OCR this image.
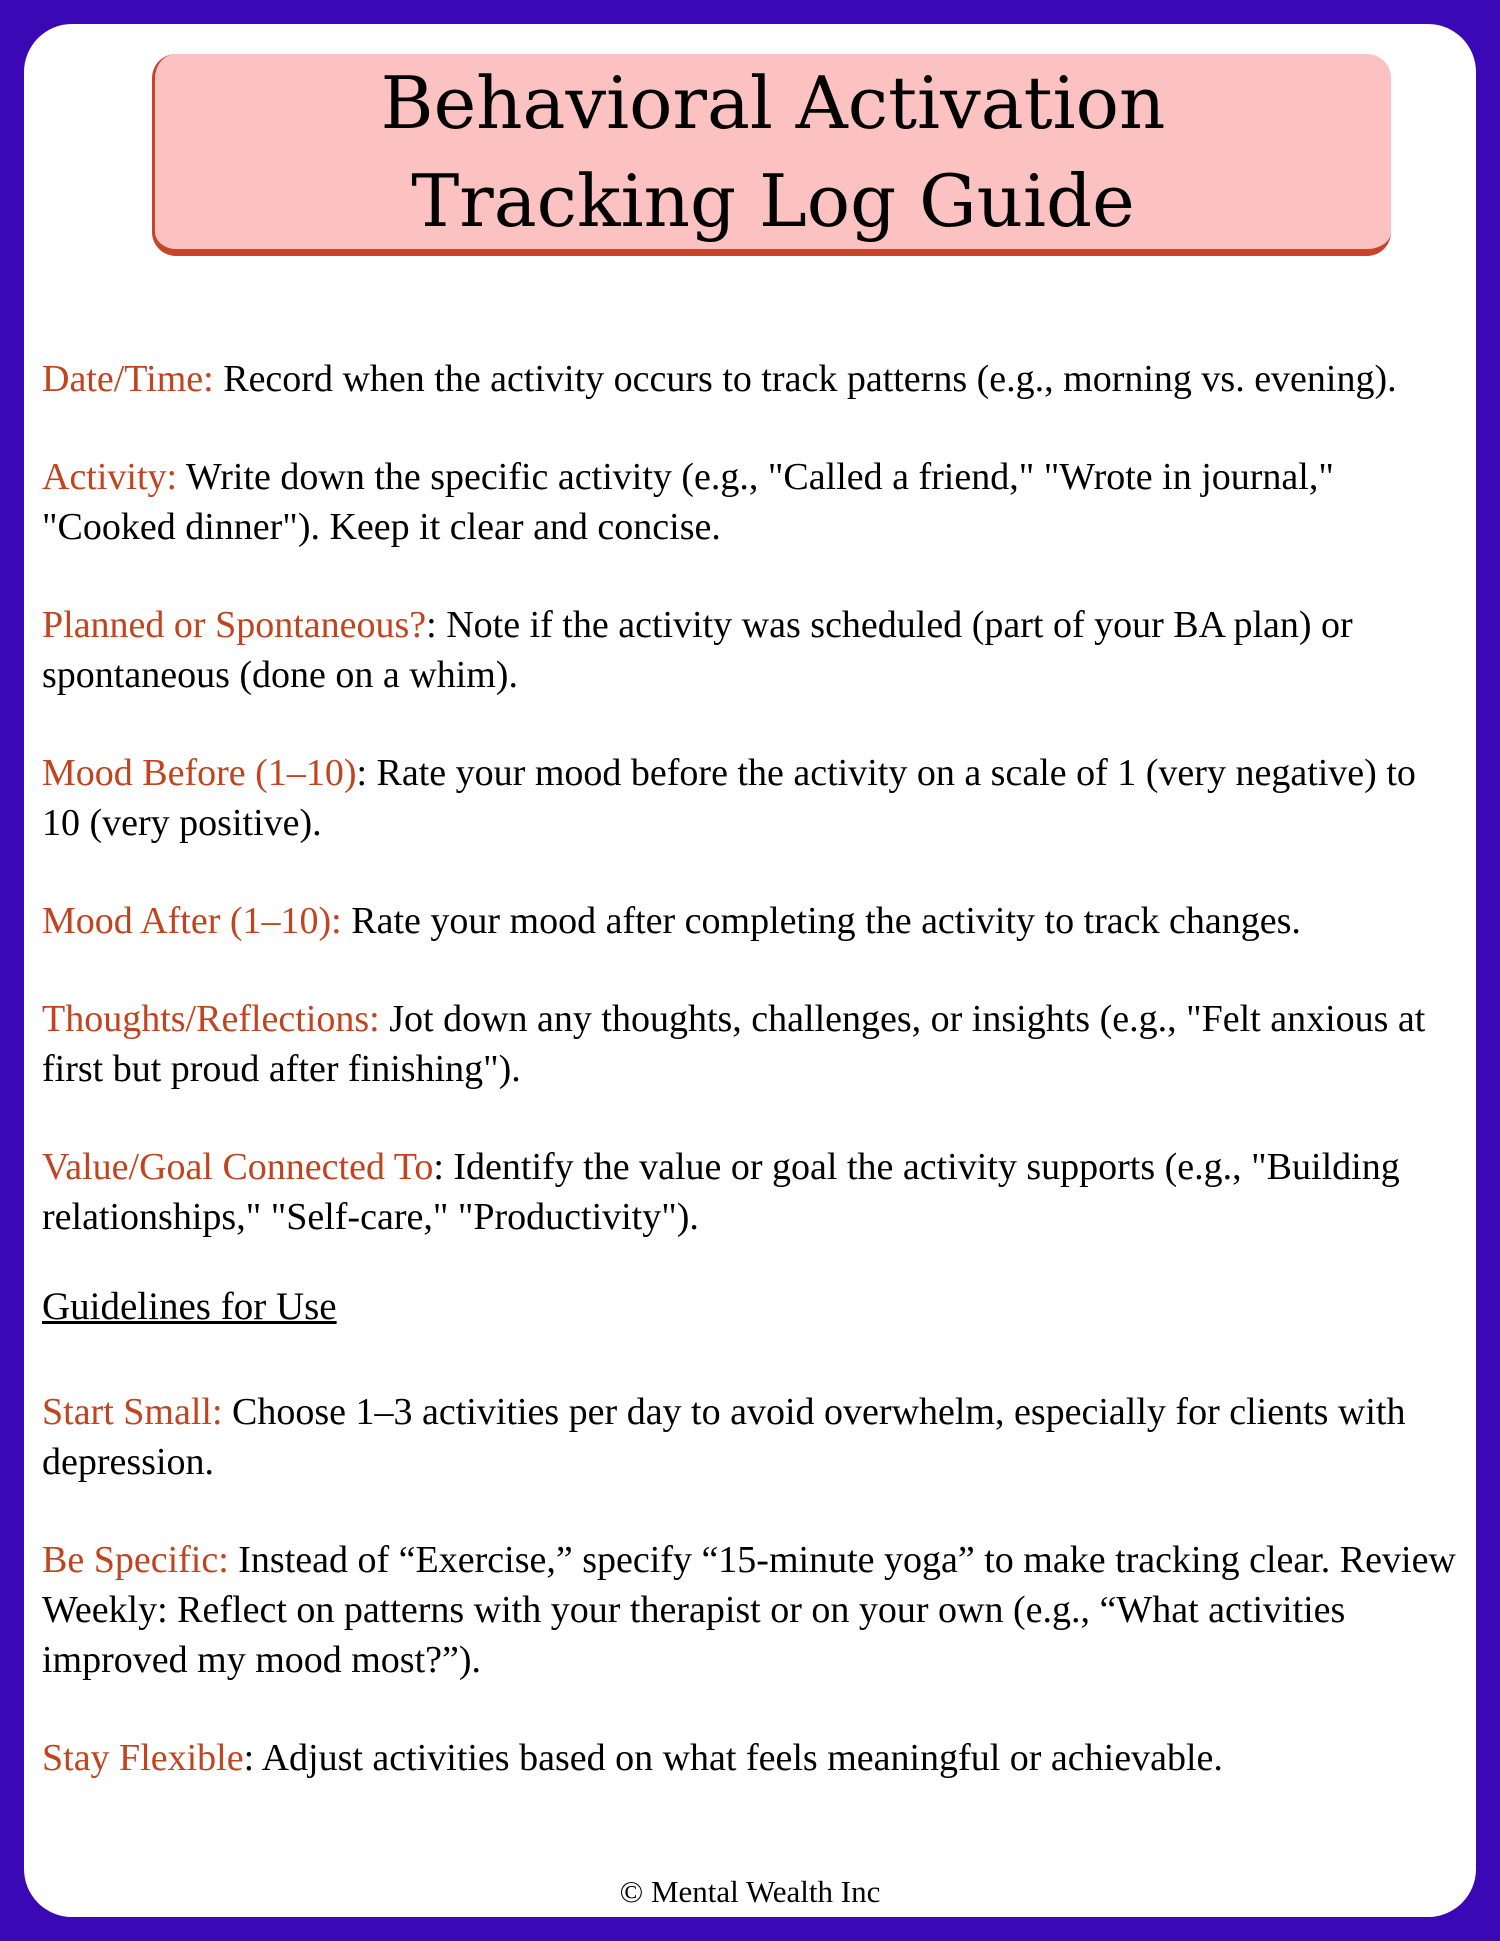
Behavioral Activation
Tracking Log Guide

Date/Time: Record when the activity occurs to track patterns (e.g., morning vs. evening).

Activity: Write down the specific activity (e.g., "Called a friend," "Wrote in journal," "Cooked dinner"). Keep it clear and concise.

Planned or Spontaneous?: Note if the activity was scheduled (part of your BA plan) or spontaneous (done on a whim).

Mood Before (1–10): Rate your mood before the activity on a scale of 1 (very negative) to 10 (very positive).

Mood After (1–10): Rate your mood after completing the activity to track changes.

Thoughts/Reflections: Jot down any thoughts, challenges, or insights (e.g., "Felt anxious at first but proud after finishing").

Value/Goal Connected To: Identify the value or goal the activity supports (e.g., "Building relationships," "Self-care," "Productivity").

Guidelines for Use

Start Small: Choose 1–3 activities per day to avoid overwhelm, especially for clients with depression.

Be Specific: Instead of “Exercise,” specify “15-minute yoga” to make tracking clear. Review Weekly: Reflect on patterns with your therapist or on your own (e.g., “What activities improved my mood most?”).

Stay Flexible: Adjust activities based on what feels meaningful or achievable.

© Mental Wealth Inc
